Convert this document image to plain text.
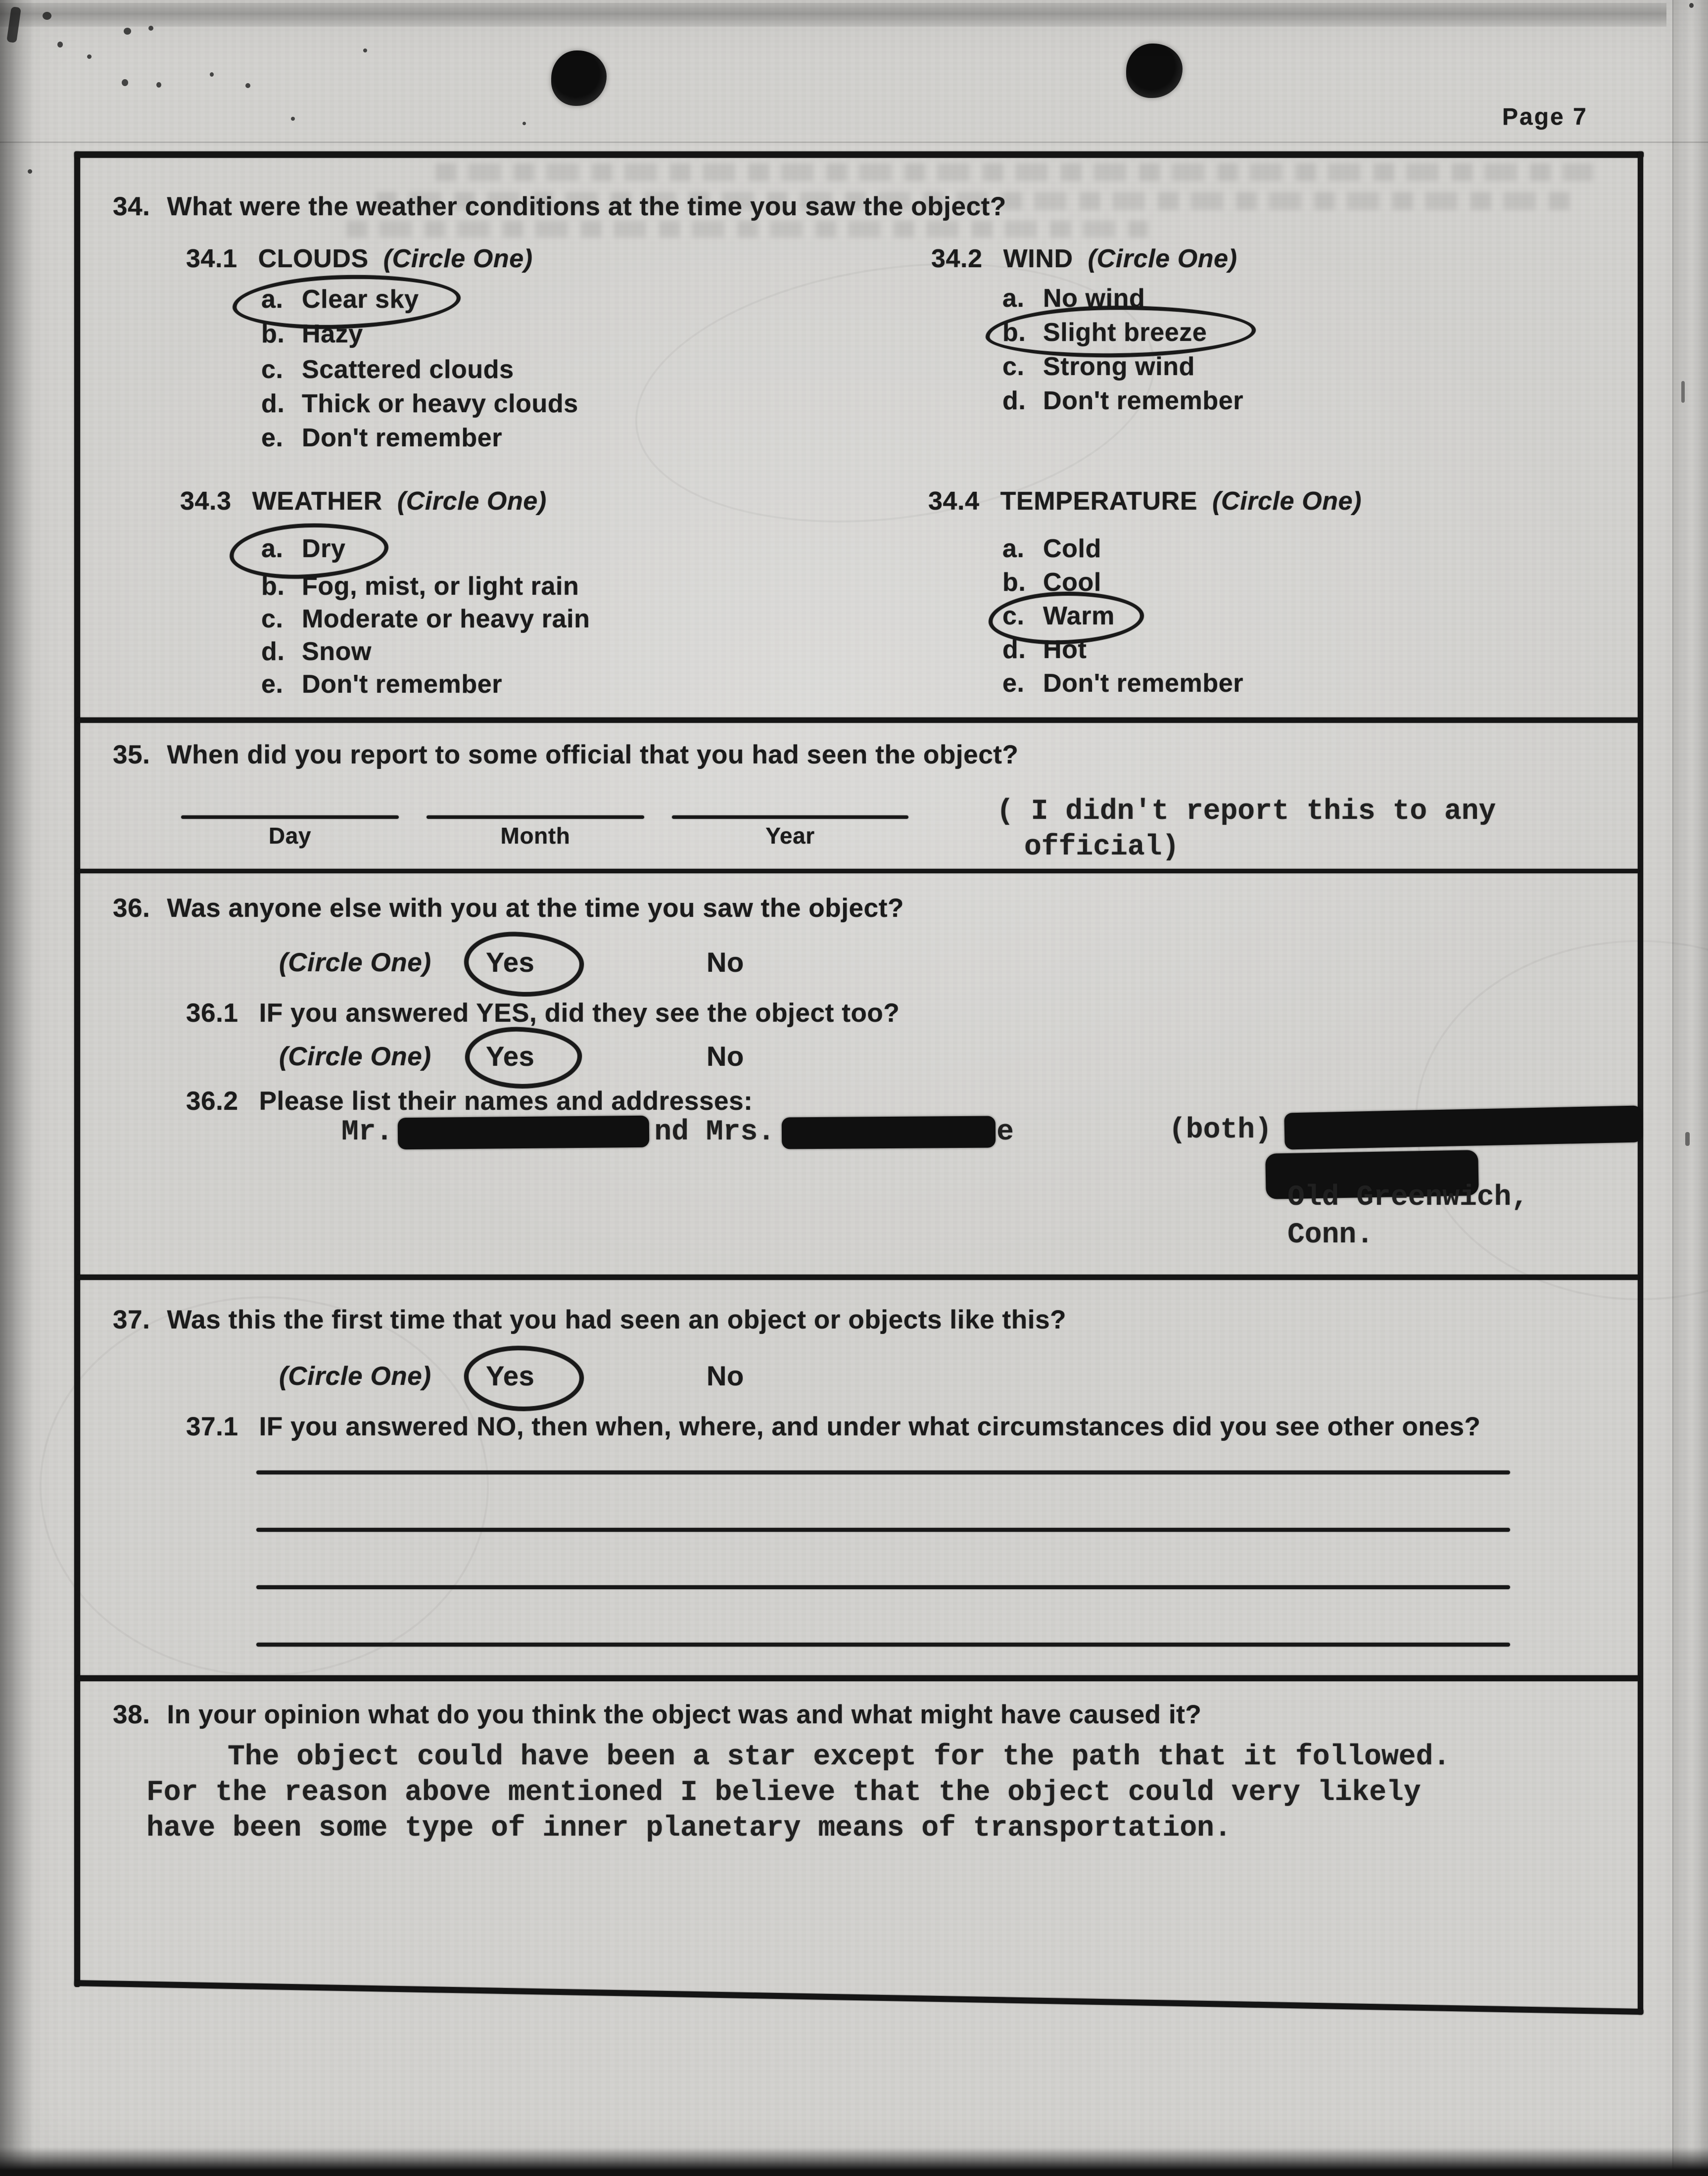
Page 7
34. What were the weather conditions at the time you saw the object?
34.1 CLOUDS (Circle One)
a. Clear sky
b. Hazy
c. Scattered clouds
d. Thick or heavy clouds
e. Don't remember
34.2 WIND (Circle One)
a. No wind
b. Slight breeze
c. Strong wind
d. Don't remember
34.3 WEATHER (Circle One)
a. Dry
b. Fog, mist, or light rain
c. Moderate or heavy rain
d. Snow
e. Don't remember
34.4 TEMPERATURE (Circle One)
a. Cold
b. Cool
c. Warm
d. Hot
e. Don't remember
35. When did you report to some official that you had seen the object?
Day	Month	Year
( I didn't report this to any
official)
36. Was anyone else with you at the time you saw the object?
(Circle One) Yes	No
36.1 IF you answered YES, did they see the object too?
(Circle One) Yes	No
36.2 Please list their names and addresses:
Mr.	nd Mrs.	e	(both)
Old Greenwich,
Conn.
37. Was this the first time that you had seen an object or objects like this?
(Circle One) Yes	No
37.1 IF you answered NO, then when, where, and under what circumstances did you see other ones?
38. In your opinion what do you think the object was and what might have caused it?
The object could have been a star except for the path that it followed.
For the reason above mentioned I believe that the object could very likely
have been some type of inner planetary means of transportation.
